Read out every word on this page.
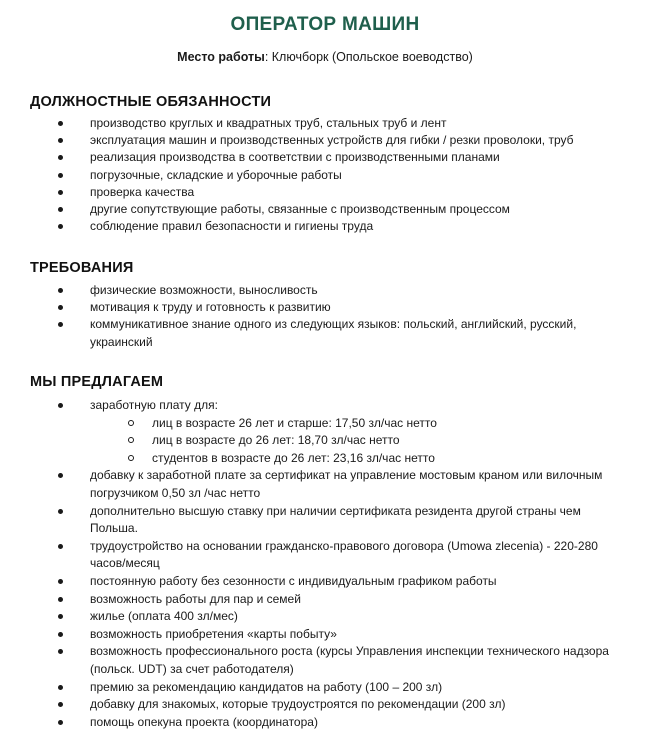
ОПЕРАТОР МАШИН
Место работы: Ключборк (Опольское воеводство)
ДОЛЖНОСТНЫЕ ОБЯЗАННОСТИ
производство круглых и квадратных труб, стальных труб и лент
эксплуатация машин и производственных устройств для гибки / резки проволоки, труб
реализация производства в соответствии с производственными планами
погрузочные, складские и уборочные работы
проверка качества
другие сопутствующие работы, связанные с производственным процессом
соблюдение правил безопасности и гигиены труда
ТРЕБОВАНИЯ
физические возможности, выносливость
мотивация к труду и готовность к развитию
коммуникативное знание одного из следующих языков: польский, английский, русский, украинский
МЫ ПРЕДЛАГАЕМ
заработную плату для:
лиц в возрасте 26 лет и старше: 17,50 зл/час нетто
лиц в возрасте до 26 лет: 18,70 зл/час нетто
студентов в возрасте до 26 лет: 23,16 зл/час нетто
добавку к заработной плате за сертификат на управление мостовым краном или вилочным погрузчиком 0,50 зл /час нетто
дополнительно высшую ставку при наличии сертификата резидента другой страны чем Польша.
трудоустройство на основании гражданско-правового договора (Umowa zlecenia) - 220-280 часов/месяц
постоянную работу без сезонности с индивидуальным графиком работы
возможность работы для пар и семей
жилье (оплата 400 зл/мес)
возможность приобретения «карты побыту»
возможность профессионального роста (курсы Управления инспекции технического надзора (польск. UDT) за счет работодателя)
премию за рекомендацию кандидатов на работу (100 – 200 зл)
добавку для знакомых, которые трудоустроятся по рекомендации (200 зл)
помощь опекуна проекта (координатора)
